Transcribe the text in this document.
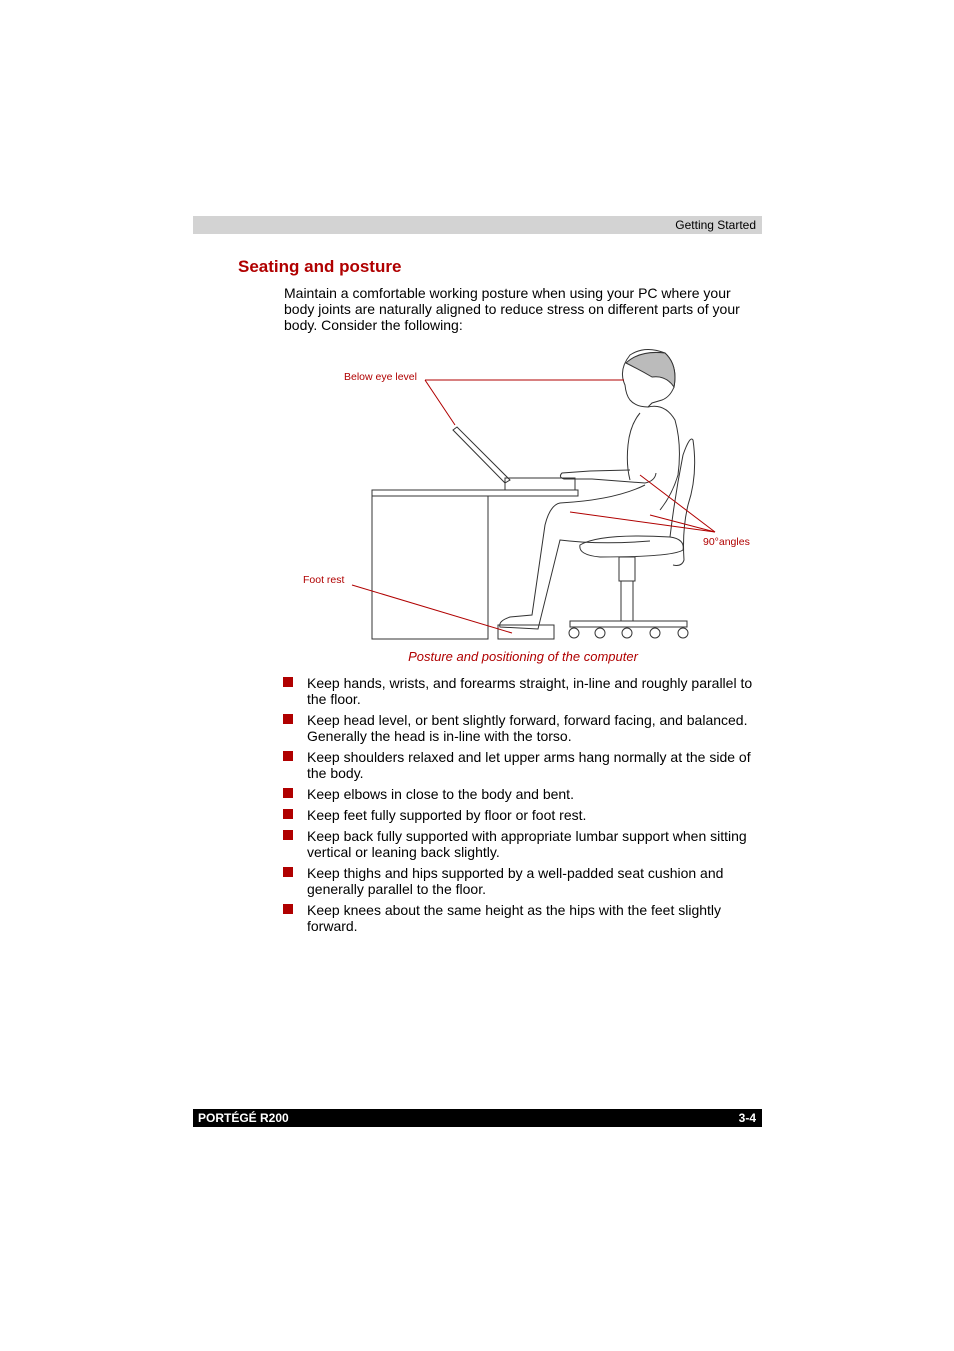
Getting Started
Seating and posture

Maintain a comfortable working posture when using your PC where your body joints are naturally aligned to reduce stress on different parts of your body. Consider the following:

Below eye level
90°angles
Foot rest
Posture and positioning of the computer
Keep hands, wrists, and forearms straight, in-line and roughly parallel to the floor.
Keep head level, or bent slightly forward, forward facing, and balanced. Generally the head is in-line with the torso.
Keep shoulders relaxed and let upper arms hang normally at the side of the body.
Keep elbows in close to the body and bent.
Keep feet fully supported by floor or foot rest.
Keep back fully supported with appropriate lumbar support when sitting vertical or leaning back slightly.
Keep thighs and hips supported by a well-padded seat cushion and generally parallel to the floor.
Keep knees about the same height as the hips with the feet slightly forward.
PORTÉGÉ R200	3-4
